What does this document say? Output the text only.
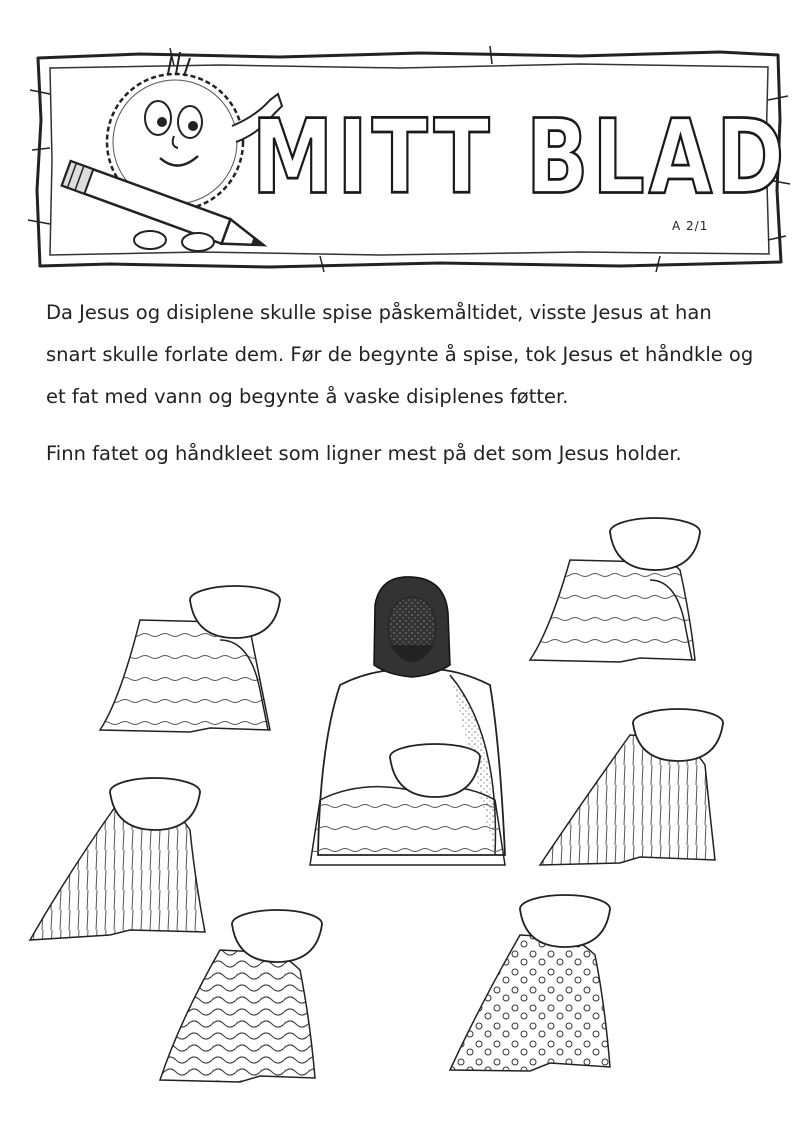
MITT BLAD
A 2/1

Da Jesus og disiplene skulle spise påskemåltidet, visste Jesus at han snart skulle forlate dem. Før de begynte å spise, tok Jesus et håndkle og et fat med vann og begynte å vaske disiplenes føtter.

Finn fatet og håndkleet som ligner mest på det som Jesus holder.
